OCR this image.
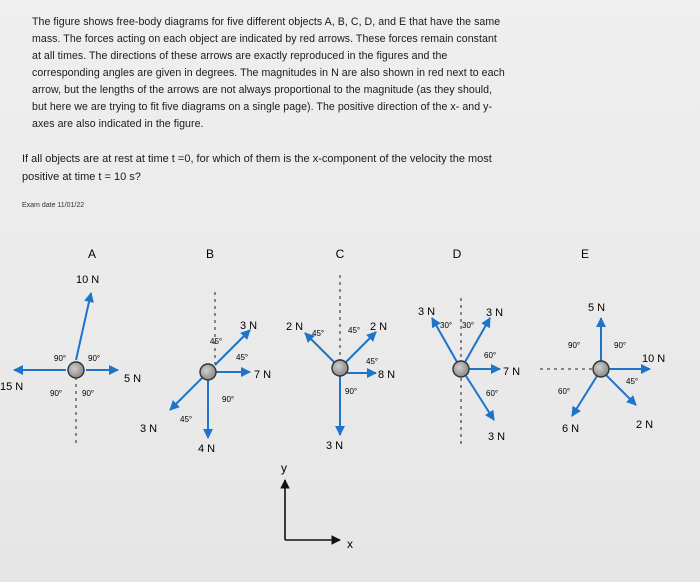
The figure shows free-body diagrams for five different objects A, B, C, D, and E that have the same
mass. The forces acting on each object are indicated by red arrows. These forces remain constant
at all times. The directions of these arrows are exactly reproduced in the figures and the
corresponding angles are given in degrees. The magnitudes in N are also shown in red next to each
arrow, but the lengths of the arrows are not always proportional to the magnitude (as they should,
but here we are trying to fit five diagrams on a single page). The positive direction of the x- and y-
axes are also indicated in the figure.
If all objects are at rest at time t =0, for which of them is the x-component of the velocity the most
positive at time t = 10 s?
Exam date 11/01/22
A
10 N
5 N
15 N
90°	90°
90° 90°
B
3 N
7 N
4 N
3 N
45°
45°
90°
45°
C
2 N	2 N
8 N
3 N
45°	45°
45°
90°
D
3 N	3 N
7 N
3 N
30° 30°
60°
60°
E
5 N
10 N
6 N	2 N
90°	90°
60°
45°
y
x
